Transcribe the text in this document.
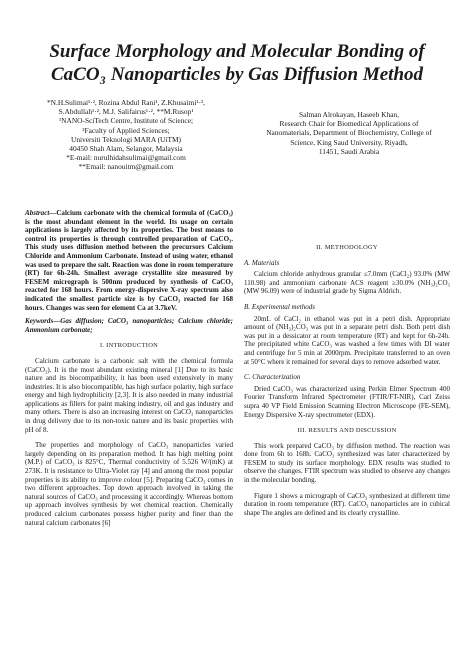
Surface Morphology and Molecular Bonding of
CaCO₃ Nanoparticles by Gas Diffusion Method
*N.H.Sulimai¹·², Rozina Abdul Rani¹, Z.Khusaimi¹·²,
S.Abdullah¹·², M.J. Salifairus¹·², **M.Rusop¹
¹NANO-SciTech Centre, Institute of Science;
²Faculty of Applied Sciences;
Universiti Teknologi MARA (UiTM)
40450 Shah Alam, Selangor, Malaysia
*E-mail: nurulhidahsulimai@gmail.com
**Email: nanouitm@gmail.com
Salman Alrokayan, Haseeb Khan,
Research Chair for Biomedical Applications of
Nanomaterials, Department of Biochemistry, College of
Science, King Saud University, Riyadh,
11451, Saudi Arabia
Abstract—Calcium carbonate with the chemical formula of (CaCO₃) is the most abundant element in the world. Its usage on certain applications is largely affected by its properties. The best means to control its properties is through controlled preparation of CaCO₃. This study uses diffusion method between the precursors Calcium Chloride and Ammonium Carbonate. Instead of using water, ethanol was used to prepare the salt. Reaction was done in room temperature (RT) for 6h-24h. Smallest average crystallite size measured by FESEM micrograph is 500nm produced by synthesis of CaCO₃ reacted for 168 hours. From energy-dispersive X-ray spectrum also indicated the smallest particle size is by CaCO₃ reacted for 168 hours. Changes was seen for element Ca at 3.7keV.
Keywords—Gas diffusion; CaCO₃ nanoparticles; Calcium chloride; Ammonium carbonate;
I. INTRODUCTION

Calcium carbonate is a carbonic salt with the chemical formula (CaCO₃). It is the most abundant existing mineral [1] Due to its basic nature and its biocompatibility, it has been used extensively in many industries. It is also biocompatible, has high surface polarity, high surface energy and high hydrophilicity [2,3]. It is also needed in many industrial applications as fillers for paint making industry, oil and gas industry and many others. There is also an increasing interest on CaCO₃ nanoparticles in drug delivery due to its non-toxic nature and its basic properties with pH of 8.

The properties and morphology of CaCO₃ nanoparticles varied largely depending on its preparation method. It has high melting point (M.P.) of CaCO₃ is 825°C, Thermal conductivity of 5.526 W/(mK) at 273K. It is resistance to Ultra-Violet ray [4] and among the most popular properties is its ability to improve colour [5]. Preparing CaCO₃ comes in two different approaches. Top down approach involved in taking the natural sources of CaCO₃ and processing it accordingly. Whereas bottom up approach involves synthesis by wet chemical reaction. Chemically produced calcium carbonates possess higher purity and finer than the natural calcium carbonates [6]

II. METHODOLOGY
A. Materials

Calcium chloride anhydrous granular ≤7.0mm (CaCl₂) 93.0% (MW 110.98) and ammonium carbonate ACS reagent ≥30.0% (NH₃)₂CO₃ (MW 96.09) were of industrial grade by Sigma Aldrich.

B. Experimental methods

20mL of CaCl₂ in ethanol was put in a petri dish. Appropriate amount of (NH₃)₂CO₃ was put in a separate petri dish. Both petri dish was put in a dessicator at room temperature (RT) and kept for 6h-24h. The precipitated white CaCO₃ was washed a few times with DI water and centrifuge for 5 min at 2000rpm. Precipitate transferred to an oven at 50°C where it remained for several days to remove adsorbed water.

C. Characterization

Dried CaCO₃ was characterized using Perkin Elmer Spectrum 400 Fourier Transform Infrared Spectrometer (FTIR/FT-NIR), Carl Zeiss supra 40 VP Field Emission Scanning Electron Microscope (FE-SEM), Energy Dispersive X-ray spectrometer (EDX).

III. RESULTS AND DISCUSSION

This work prepared CaCO₃ by diffusion method. The reaction was done from 6h to 168h. CaCO₃ synthesized was later characterized by FESEM to study its surface morphology. EDX results was studied to observe the changes. FTIR spectrum was studied to observe any changes in the molecular bonding.

Figure 1 shows a micrograph of CaCO₃ synthesized at different time duration in room temperature (RT). CaCO₃ nanoparticles are in cubical shape The angles are defined and its clearly crystalline.
